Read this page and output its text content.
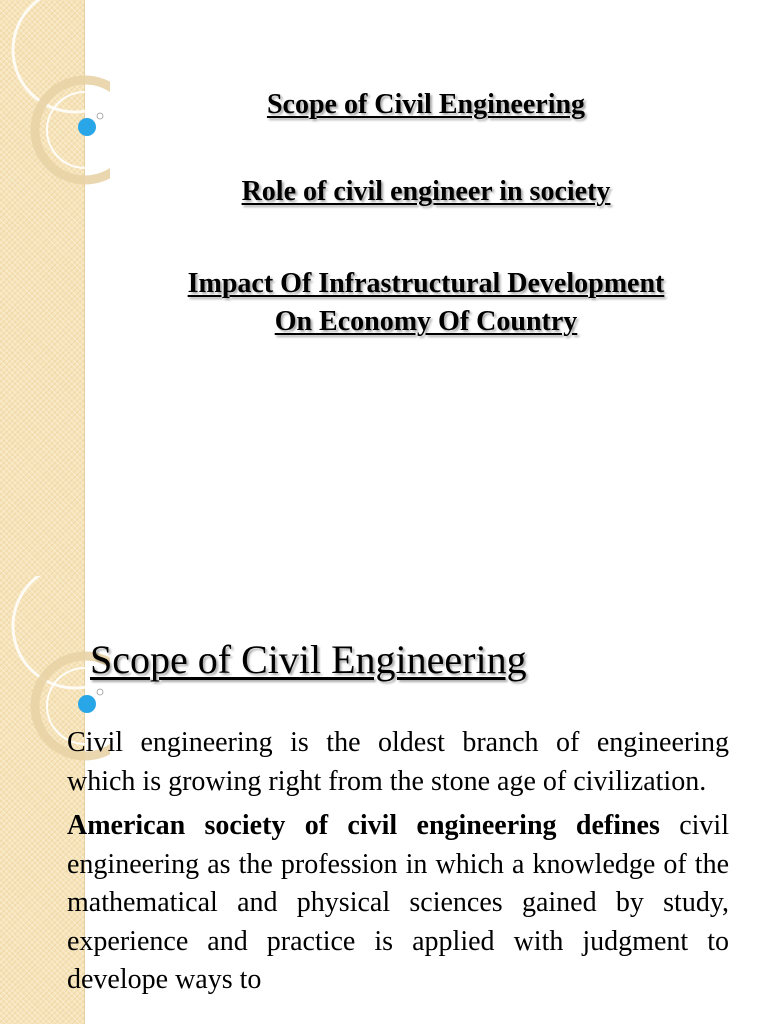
Scope of Civil Engineering
Role of civil engineer in society
Impact Of Infrastructural Development
On Economy Of Country
Scope of Civil Engineering

Civil engineering is the oldest branch of engineering which is growing right from the stone age of civilization.

American society of civil engineering defines civil engineering as the profession in which a knowledge of the mathematical and physical sciences gained by study, experience and practice is applied with judgment to develope ways to
